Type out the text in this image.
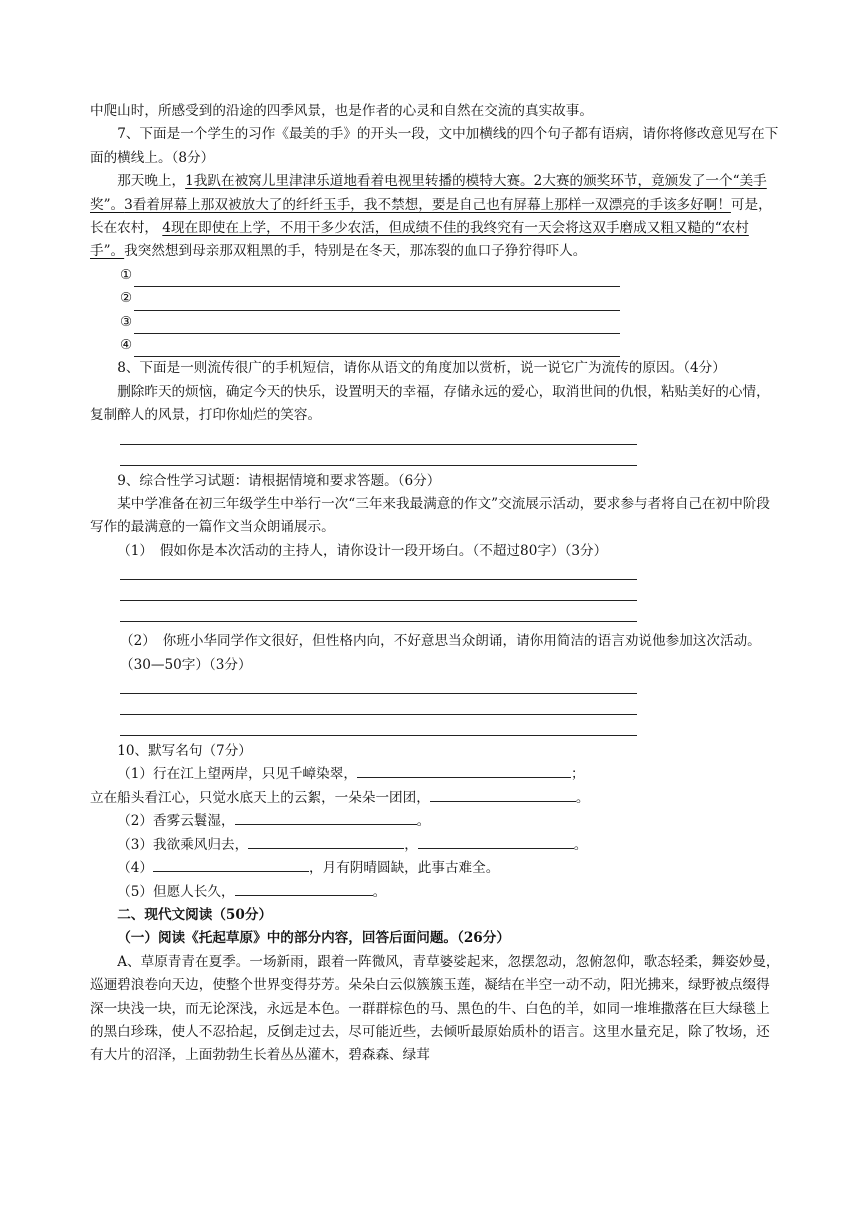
中爬山时，所感受到的沿途的四季风景，也是作者的心灵和自然在交流的真实故事。

7、下面是一个学生的习作《最美的手》的开头一段，文中加横线的四个句子都有语病，请你将修改意见写在下面的横线上。（8分）

那天晚上，1我趴在被窝儿里津津乐道地看着电视里转播的模特大赛。2大赛的颁奖环节，竟颁发了一个“美手奖”。3看着屏幕上那双被放大了的纤纤玉手，我不禁想，要是自己也有屏幕上那样一双漂亮的手该多好啊！可是，长在农村， 4现在即使在上学，不用干多少农活，但成绩不佳的我终究有一天会将这双手磨成又粗又糙的“农村手”。我突然想到母亲那双粗黑的手，特别是在冬天，那冻裂的血口子狰狞得吓人。

①
②
③
④

8、下面是一则流传很广的手机短信，请你从语文的角度加以赏析，说一说它广为流传的原因。（4分）

删除昨天的烦恼，确定今天的快乐，设置明天的幸福，存储永远的爱心，取消世间的仇恨，粘贴美好的心情，复制醉人的风景，打印你灿烂的笑容。

9、综合性学习试题：请根据情境和要求答题。（6分）

某中学准备在初三年级学生中举行一次“三年来我最满意的作文”交流展示活动，要求参与者将自己在初中阶段写作的最满意的一篇作文当众朗诵展示。

（1）　假如你是本次活动的主持人，请你设计一段开场白。（不超过80字）（3分）

（2）　你班小华同学作文很好，但性格内向，不好意思当众朗诵，请你用简洁的语言劝说他参加这次活动。（30—50字）（3分）

10、默写名句（7分）

（1）行在江上望两岸，只见千嶂染翠，	；

立在船头看江心，只觉水底天上的云絮，一朵朵一团团，	。

（2）香雾云鬟湿，	。

（3）我欲乘风归去，	，	。

（4）	，月有阴晴圆缺，此事古难全。

（5）但愿人长久，	。

二、现代文阅读（50分）

（一）阅读《托起草原》中的部分内容，回答后面问题。（26分）

A、草原青青在夏季。一场新雨，跟着一阵微风，青草婆娑起来，忽摆忽动，忽俯忽仰，歌态轻柔，舞姿妙曼，巡逦碧浪卷向天边，使整个世界变得芬芳。朵朵白云似簇簇玉莲，凝结在半空一动不动，阳光拂来，绿野被点缀得深一块浅一块，而无论深浅，永远是本色。一群群棕色的马、黑色的牛、白色的羊，如同一堆堆撒落在巨大绿毯上的黑白珍珠，使人不忍拾起，反倒走过去，尽可能近些，去倾听最原始质朴的语言。这里水量充足，除了牧场，还有大片的沼泽，上面勃勃生长着丛丛灌木，碧森森、绿茸
